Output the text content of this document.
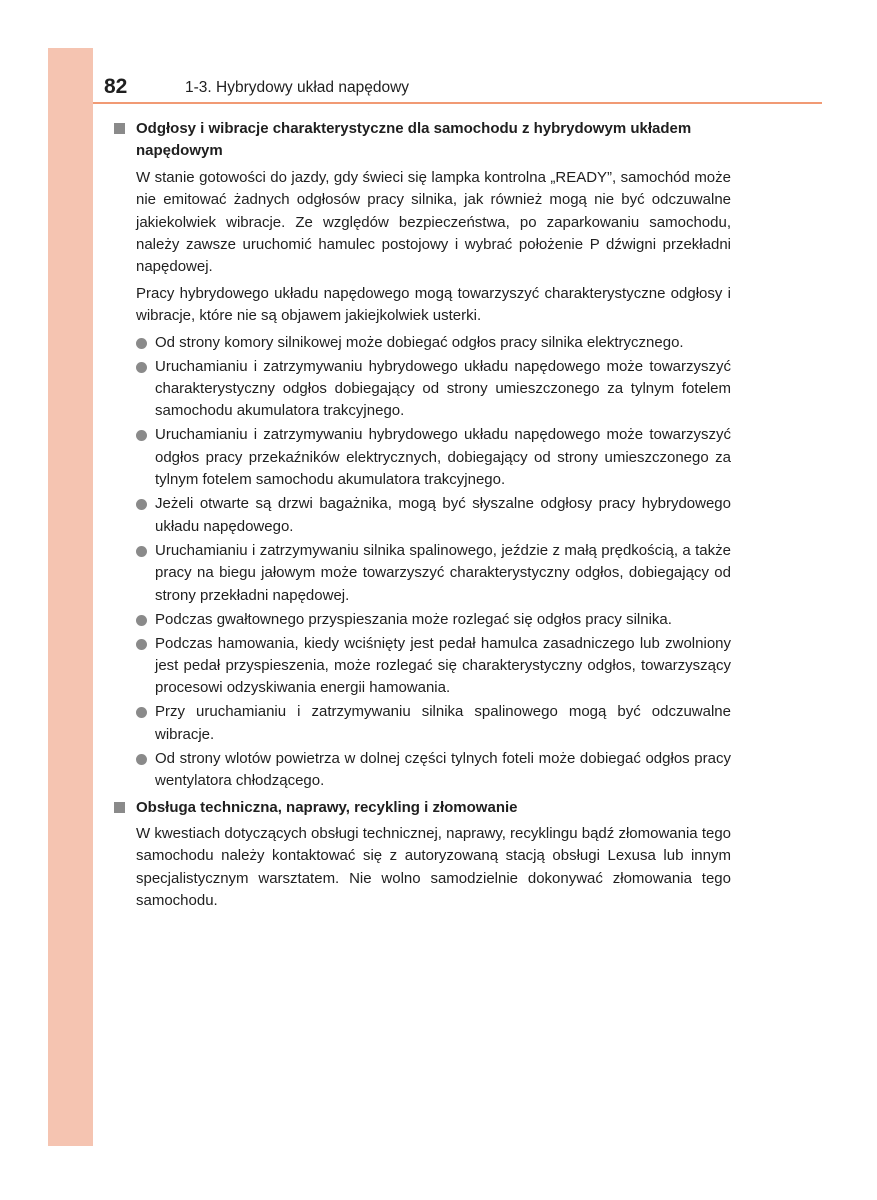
82	1-3. Hybrydowy układ napędowy
Odgłosy i wibracje charakterystyczne dla samochodu z hybrydowym układem napędowym

W stanie gotowości do jazdy, gdy świeci się lampka kontrolna „READY”, samochód może nie emitować żadnych odgłosów pracy silnika, jak również mogą nie być odczuwalne jakiekolwiek wibracje. Ze względów bezpieczeństwa, po zaparkowaniu samochodu, należy zawsze uruchomić hamulec postojowy i wybrać położenie P dźwigni przekładni napędowej.

Pracy hybrydowego układu napędowego mogą towarzyszyć charakterystyczne odgłosy i wibracje, które nie są objawem jakiejkolwiek usterki.

Od strony komory silnikowej może dobiegać odgłos pracy silnika elektrycznego.
Uruchamianiu i zatrzymywaniu hybrydowego układu napędowego może towarzyszyć charakterystyczny odgłos dobiegający od strony umieszczonego za tylnym fotelem samochodu akumulatora trakcyjnego.
Uruchamianiu i zatrzymywaniu hybrydowego układu napędowego może towarzyszyć odgłos pracy przekaźników elektrycznych, dobiegający od strony umieszczonego za tylnym fotelem samochodu akumulatora trakcyjnego.
Jeżeli otwarte są drzwi bagażnika, mogą być słyszalne odgłosy pracy hybrydowego układu napędowego.
Uruchamianiu i zatrzymywaniu silnika spalinowego, jeździe z małą prędkością, a także pracy na biegu jałowym może towarzyszyć charakterystyczny odgłos, dobiegający od strony przekładni napędowej.
Podczas gwałtownego przyspieszania może rozlegać się odgłos pracy silnika.
Podczas hamowania, kiedy wciśnięty jest pedał hamulca zasadniczego lub zwolniony jest pedał przyspieszenia, może rozlegać się charakterystyczny odgłos, towarzyszący procesowi odzyskiwania energii hamowania.
Przy uruchamianiu i zatrzymywaniu silnika spalinowego mogą być odczuwalne wibracje.
Od strony wlotów powietrza w dolnej części tylnych foteli może dobiegać odgłos pracy wentylatora chłodzącego.
Obsługa techniczna, naprawy, recykling i złomowanie

W kwestiach dotyczących obsługi technicznej, naprawy, recyklingu bądź złomowania tego samochodu należy kontaktować się z autoryzowaną stacją obsługi Lexusa lub innym specjalistycznym warsztatem. Nie wolno samodzielnie dokonywać złomowania tego samochodu.
